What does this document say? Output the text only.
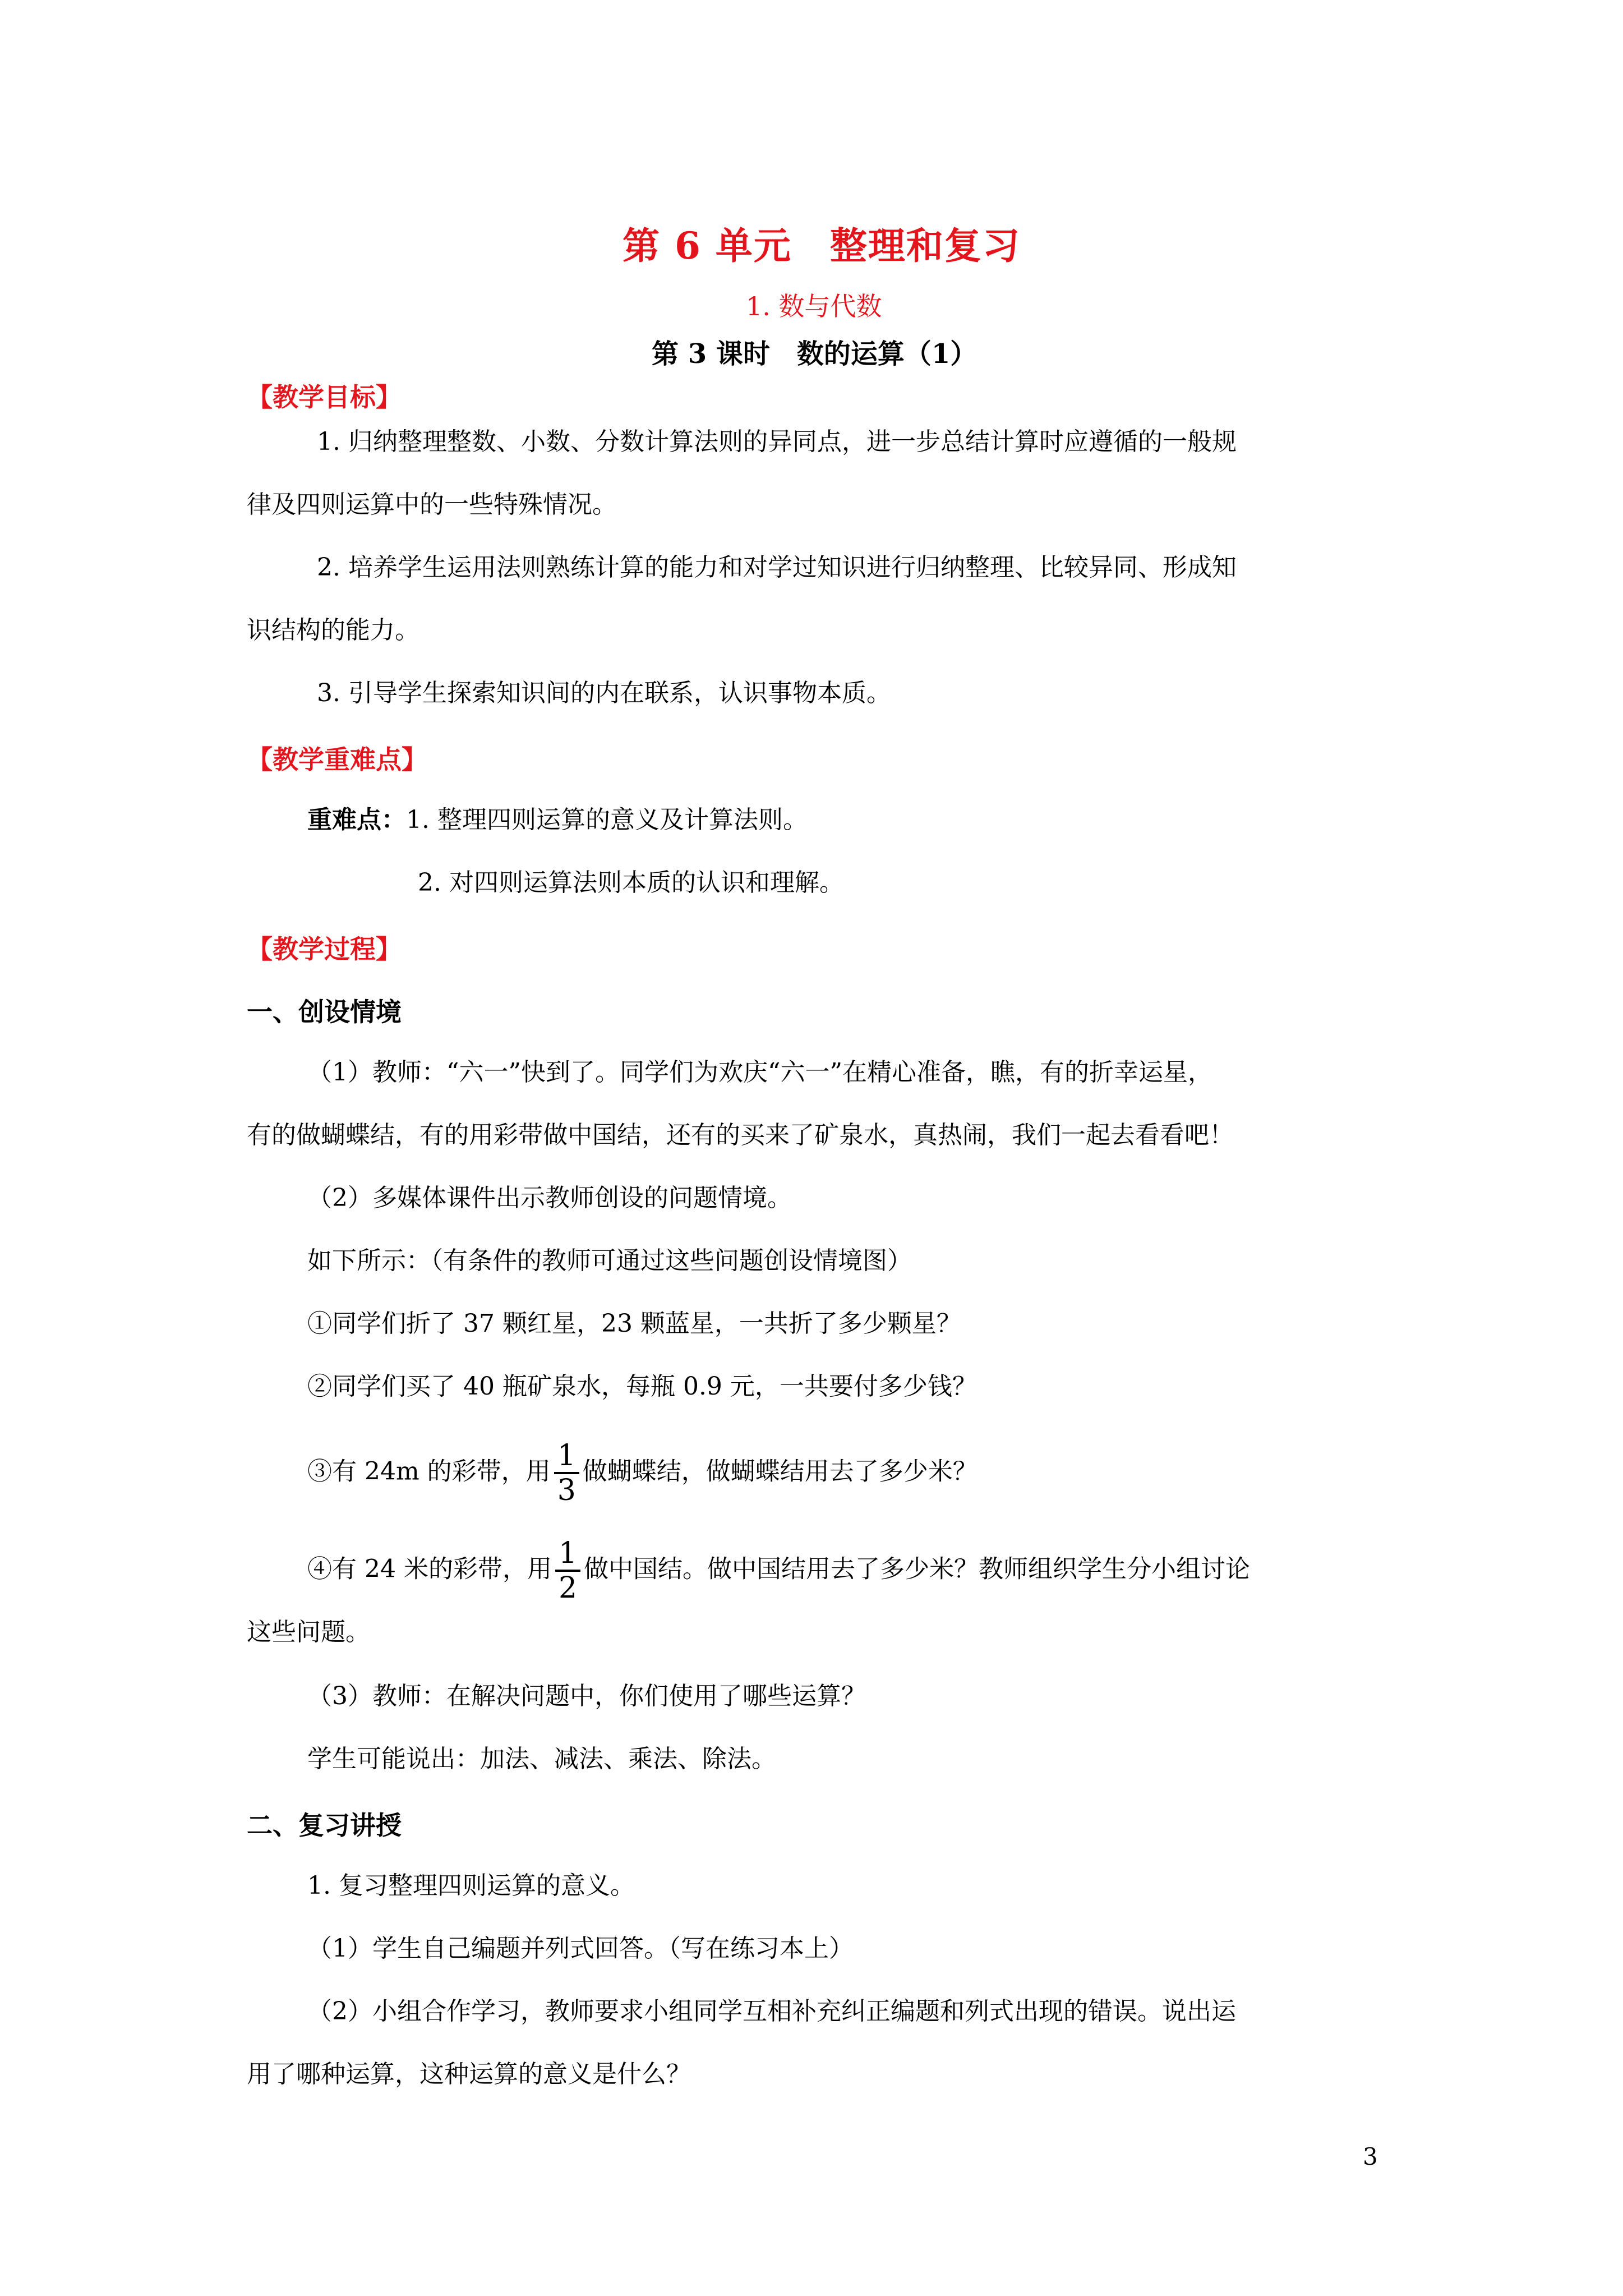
第 6 单元　整理和复习
1. 数与代数
第 3 课时　数的运算（1）
【教学目标】
1. 归纳整理整数、小数、分数计算法则的异同点，进一步总结计算时应遵循的一般规
律及四则运算中的一些特殊情况。
2. 培养学生运用法则熟练计算的能力和对学过知识进行归纳整理、比较异同、形成知
识结构的能力。
3. 引导学生探索知识间的内在联系，认识事物本质。
【教学重难点】
重难点：1. 整理四则运算的意义及计算法则。
2. 对四则运算法则本质的认识和理解。
【教学过程】
一、创设情境
（1）教师：“六一”快到了。同学们为欢庆“六一”在精心准备，瞧，有的折幸运星，
有的做蝴蝶结，有的用彩带做中国结，还有的买来了矿泉水，真热闹，我们一起去看看吧！
（2）多媒体课件出示教师创设的问题情境。
如下所示：（有条件的教师可通过这些问题创设情境图）
①同学们折了 37 颗红星，23 颗蓝星，一共折了多少颗星？
②同学们买了 40 瓶矿泉水，每瓶 0.9 元，一共要付多少钱？
③有 24m 的彩带，用 $\frac{1}{3}$ 做蝴蝶结，做蝴蝶结用去了多少米？
④有 24 米的彩带，用 $\frac{1}{2}$ 做中国结。做中国结用去了多少米？教师组织学生分小组讨论
这些问题。
（3）教师：在解决问题中，你们使用了哪些运算？
学生可能说出：加法、减法、乘法、除法。
二、复习讲授
1. 复习整理四则运算的意义。
（1）学生自己编题并列式回答。（写在练习本上）
（2）小组合作学习，教师要求小组同学互相补充纠正编题和列式出现的错误。说出运
用了哪种运算，这种运算的意义是什么？
3
